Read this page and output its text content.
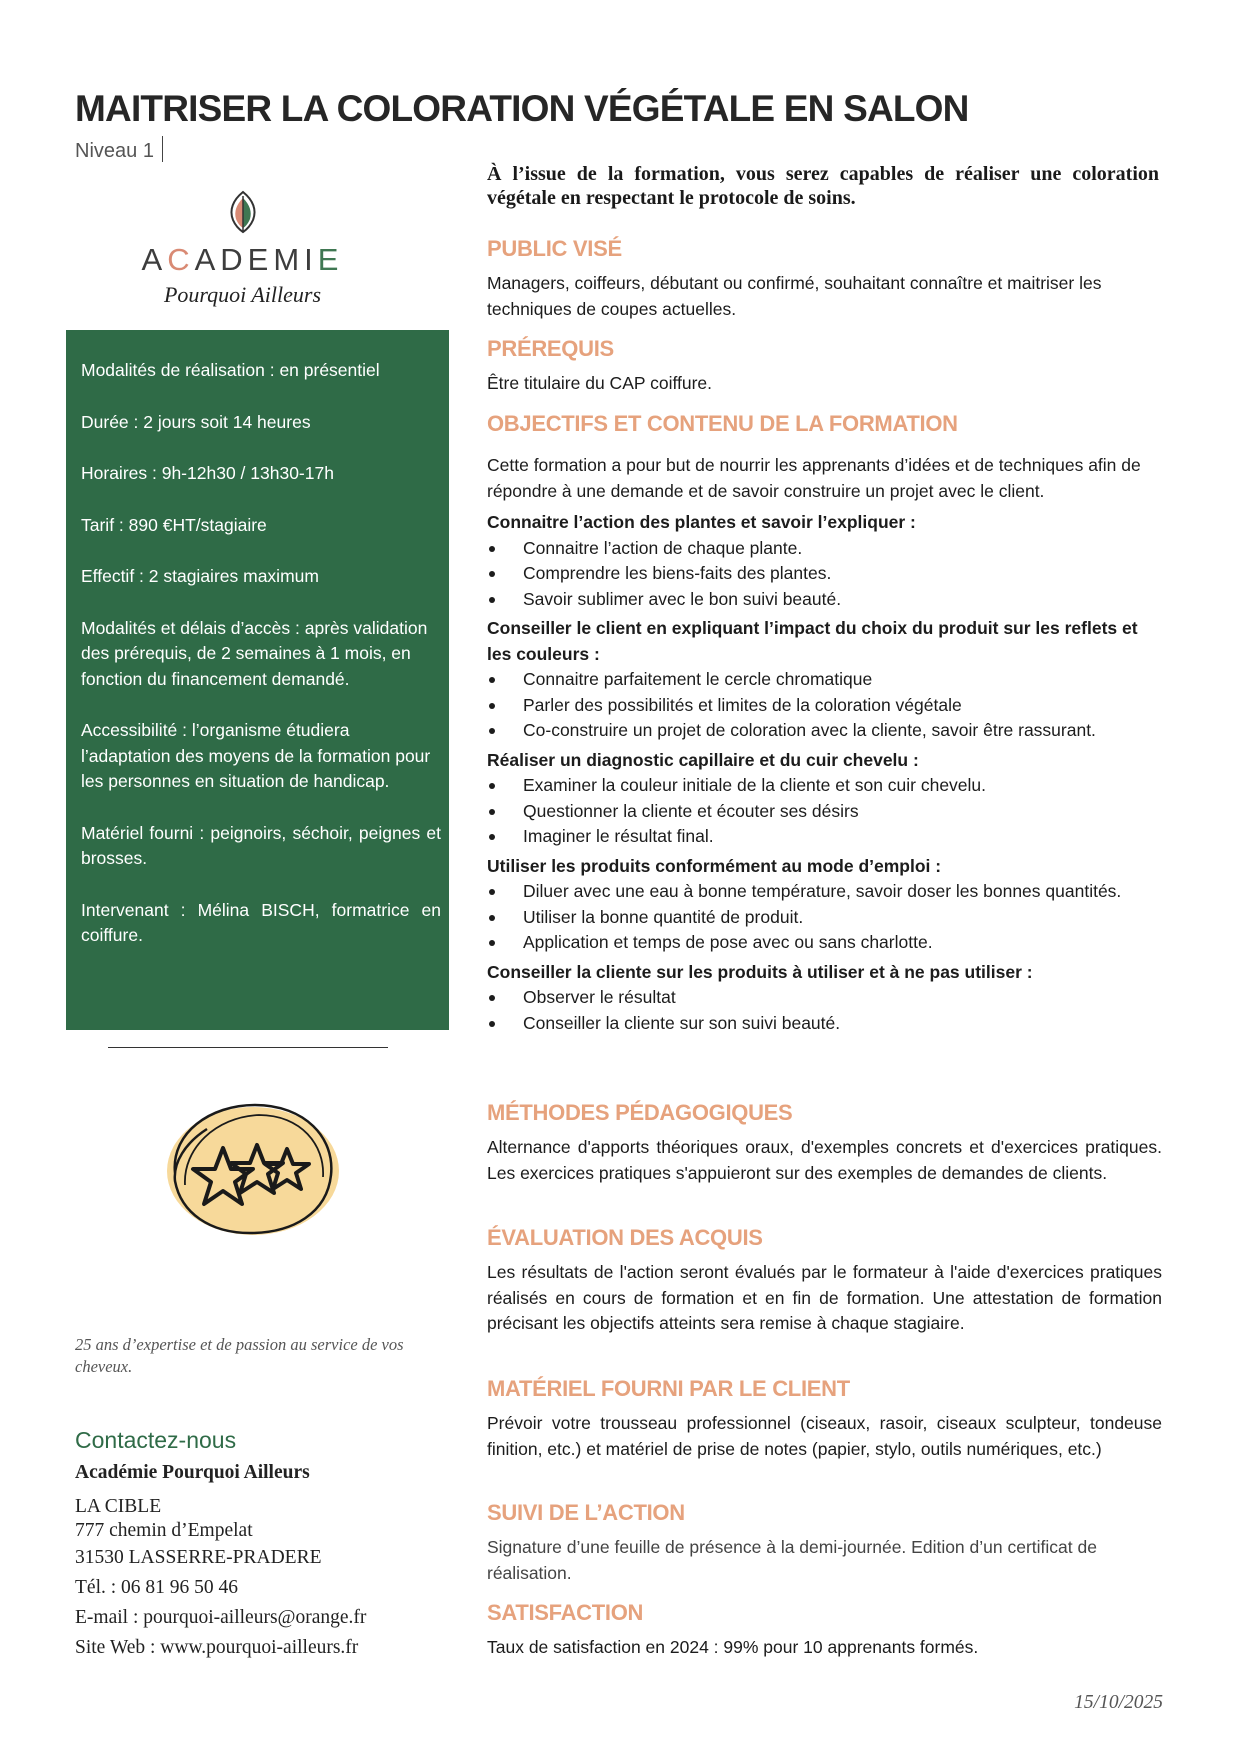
MAITRISER LA COLORATION VÉGÉTALE EN SALON
Niveau 1
ACADEMIE
Pourquoi Ailleurs

Modalités de réalisation : en présentiel

Durée : 2 jours soit 14 heures

Horaires : 9h-12h30 / 13h30-17h

Tarif : 890 €HT/stagiaire

Effectif : 2 stagiaires maximum

Modalités et délais d’accès : après validation des prérequis, de 2 semaines à 1 mois, en fonction du financement demandé.

Accessibilité : l’organisme étudiera l’adaptation des moyens de la formation pour les personnes en situation de handicap.

Matériel fourni : peignoirs, séchoir, peignes et brosses.

Intervenant : Mélina BISCH, formatrice en coiffure.

25 ans d’expertise et de passion au service de vos cheveux.
Contactez-nous
Académie Pourquoi Ailleurs
LA CIBLE
777 chemin d’Empelat
31530 LASSERRE-PRADERE
Tél. : 06 81 96 50 46
E-mail : pourquoi-ailleurs@orange.fr
Site Web : www.pourquoi-ailleurs.fr

À l’issue de la formation, vous serez capables de réaliser une coloration végétale en respectant le protocole de soins.

PUBLIC VISÉ

Managers, coiffeurs, débutant ou confirmé, souhaitant connaître et maitriser les techniques de coupes actuelles.

PRÉREQUIS

Être titulaire du CAP coiffure.

OBJECTIFS ET CONTENU DE LA FORMATION
Cette formation a pour but de nourrir les apprenants d’idées et de techniques afin de répondre à une demande et de savoir construire un projet avec le client.
Connaitre l’action des plantes et savoir l’expliquer :
Connaitre l’action de chaque plante.
Comprendre les biens-faits des plantes.
Savoir sublimer avec le bon suivi beauté.
Conseiller le client en expliquant l’impact du choix du produit sur les reflets et les couleurs :
Connaitre parfaitement le cercle chromatique
Parler des possibilités et limites de la coloration végétale
Co-construire un projet de coloration avec la cliente, savoir être rassurant.
Réaliser un diagnostic capillaire et du cuir chevelu :
Examiner la couleur initiale de la cliente et son cuir chevelu.
Questionner la cliente et écouter ses désirs
Imaginer le résultat final.
Utiliser les produits conformément au mode d’emploi :
Diluer avec une eau à bonne température, savoir doser les bonnes quantités.
Utiliser la bonne quantité de produit.
Application et temps de pose avec ou sans charlotte.
Conseiller la cliente sur les produits à utiliser et à ne pas utiliser :
Observer le résultat
Conseiller la cliente sur son suivi beauté.
MÉTHODES PÉDAGOGIQUES

Alternance d'apports théoriques oraux, d'exemples concrets et d'exercices pratiques. Les exercices pratiques s'appuieront sur des exemples de demandes de clients.

ÉVALUATION DES ACQUIS

Les résultats de l'action seront évalués par le formateur à l'aide d'exercices pratiques réalisés en cours de formation et en fin de formation. Une attestation de formation précisant les objectifs atteints sera remise à chaque stagiaire.

MATÉRIEL FOURNI PAR LE CLIENT

Prévoir votre trousseau professionnel (ciseaux, rasoir, ciseaux sculpteur, tondeuse finition, etc.) et matériel de prise de notes (papier, stylo, outils numériques, etc.)

SUIVI DE L’ACTION

Signature d’une feuille de présence à la demi-journée. Edition d’un certificat de réalisation.

SATISFACTION

Taux de satisfaction en 2024 : 99% pour 10 apprenants formés.

15/10/2025
